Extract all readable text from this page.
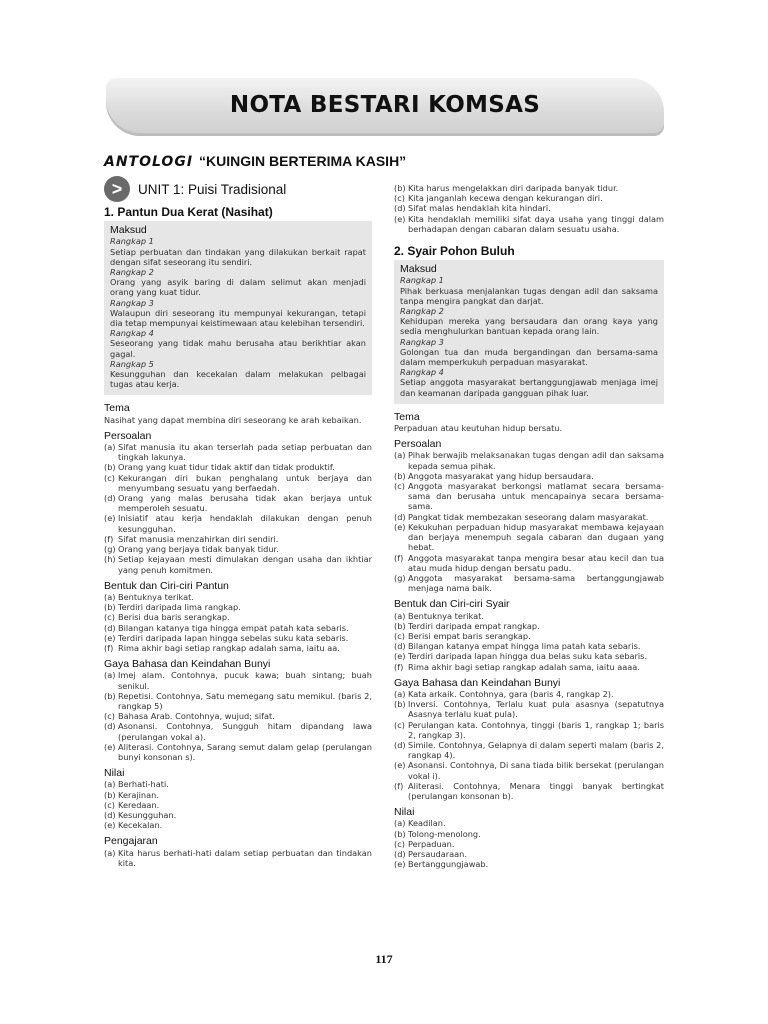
NOTA BESTARI KOMSAS
ANTOLOGI “KUINGIN BERTERIMA KASIH”
>	UNIT 1: Puisi Tradisional
1. Pantun Dua Kerat (Nasihat)
Maksud
Rangkap 1
Setiap perbuatan dan tindakan yang dilakukan berkait rapat dengan sifat seseorang itu sendiri.
Rangkap 2
Orang yang asyik baring di dalam selimut akan menjadi orang yang kuat tidur.
Rangkap 3
Walaupun diri seseorang itu mempunyai kekurangan, tetapi dia tetap mempunyai keistimewaan atau kelebihan tersendiri.
Rangkap 4
Seseorang yang tidak mahu berusaha atau berikhtiar akan gagal.
Rangkap 5
Kesungguhan dan kecekalan dalam melakukan pelbagai tugas atau kerja.
Tema
Nasihat yang dapat membina diri seseorang ke arah kebaikan.
Persoalan
(a) Sifat manusia itu akan terserlah pada setiap perbuatan dan tingkah lakunya.
(b) Orang yang kuat tidur tidak aktif dan tidak produktif.
(c) Kekurangan diri bukan penghalang untuk berjaya dan menyumbang sesuatu yang berfaedah.
(d) Orang yang malas berusaha tidak akan berjaya untuk memperoleh sesuatu.
(e) Inisiatif atau kerja hendaklah dilakukan dengan penuh kesungguhan.
(f) Sifat manusia menzahirkan diri sendiri.
(g) Orang yang berjaya tidak banyak tidur.
(h) Setiap kejayaan mesti dimulakan dengan usaha dan ikhtiar yang penuh komitmen.
Bentuk dan Ciri-ciri Pantun
(a) Bentuknya terikat.
(b) Terdiri daripada lima rangkap.
(c) Berisi dua baris serangkap.
(d) Bilangan katanya tiga hingga empat patah kata sebaris.
(e) Terdiri daripada lapan hingga sebelas suku kata sebaris.
(f) Rima akhir bagi setiap rangkap adalah sama, iaitu aa.
Gaya Bahasa dan Keindahan Bunyi
(a) Imej alam. Contohnya, pucuk kawa; buah sintang; buah senikul.
(b) Repetisi. Contohnya, Satu memegang satu memikul. (baris 2, rangkap 5)
(c) Bahasa Arab. Contohnya, wujud; sifat.
(d) Asonansi. Contohnya, Sungguh hitam dipandang lawa (perulangan vokal a).
(e) Aliterasi. Contohnya, Sarang semut dalam gelap (perulangan bunyi konsonan s).
Nilai
(a) Berhati-hati.
(b) Kerajinan.
(c) Keredaan.
(d) Kesungguhan.
(e) Kecekalan.
Pengajaran
(a) Kita harus berhati-hati dalam setiap perbuatan dan tindakan kita.
(b) Kita harus mengelakkan diri daripada banyak tidur.
(c) Kita janganlah kecewa dengan kekurangan diri.
(d) Sifat malas hendaklah kita hindari.
(e) Kita hendaklah memiliki sifat daya usaha yang tinggi dalam berhadapan dengan cabaran dalam sesuatu usaha.
2. Syair Pohon Buluh
Maksud
Rangkap 1
Pihak berkuasa menjalankan tugas dengan adil dan saksama tanpa mengira pangkat dan darjat.
Rangkap 2
Kehidupan mereka yang bersaudara dan orang kaya yang sedia menghulurkan bantuan kepada orang lain.
Rangkap 3
Golongan tua dan muda bergandingan dan bersama-sama dalam memperkukuh perpaduan masyarakat.
Rangkap 4
Setiap anggota masyarakat bertanggungjawab menjaga imej dan keamanan daripada gangguan pihak luar.
Tema
Perpaduan atau keutuhan hidup bersatu.
Persoalan
(a) Pihak berwajib melaksanakan tugas dengan adil dan saksama kepada semua pihak.
(b) Anggota masyarakat yang hidup bersaudara.
(c) Anggota masyarakat berkongsi matlamat secara bersama-sama dan berusaha untuk mencapainya secara bersama-sama.
(d) Pangkat tidak membezakan seseorang dalam masyarakat.
(e) Kekukuhan perpaduan hidup masyarakat membawa kejayaan dan berjaya menempuh segala cabaran dan dugaan yang hebat.
(f) Anggota masyarakat tanpa mengira besar atau kecil dan tua atau muda hidup dengan bersatu padu.
(g) Anggota masyarakat bersama-sama bertanggungjawab menjaga nama baik.
Bentuk dan Ciri-ciri Syair
(a) Bentuknya terikat.
(b) Terdiri daripada empat rangkap.
(c) Berisi empat baris serangkap.
(d) Bilangan katanya empat hingga lima patah kata sebaris.
(e) Terdiri daripada lapan hingga dua belas suku kata sebaris.
(f) Rima akhir bagi setiap rangkap adalah sama, iaitu aaaa.
Gaya Bahasa dan Keindahan Bunyi
(a) Kata arkaik. Contohnya, gara (baris 4, rangkap 2).
(b) Inversi. Contohnya, Terlalu kuat pula asasnya (sepatutnya Asasnya terlalu kuat pula).
(c) Perulangan kata. Contohnya, tinggi (baris 1, rangkap 1; baris 2, rangkap 3).
(d) Simile. Contohnya, Gelapnya di dalam seperti malam (baris 2, rangkap 4).
(e) Asonansi. Contohnya, Di sana tiada bilik bersekat (perulangan vokal i).
(f) Aliterasi. Contohnya, Menara tinggi banyak bertingkat (perulangan konsonan b).
Nilai
(a) Keadilan.
(b) Tolong-menolong.
(c) Perpaduan.
(d) Persaudaraan.
(e) Bertanggungjawab.
117
